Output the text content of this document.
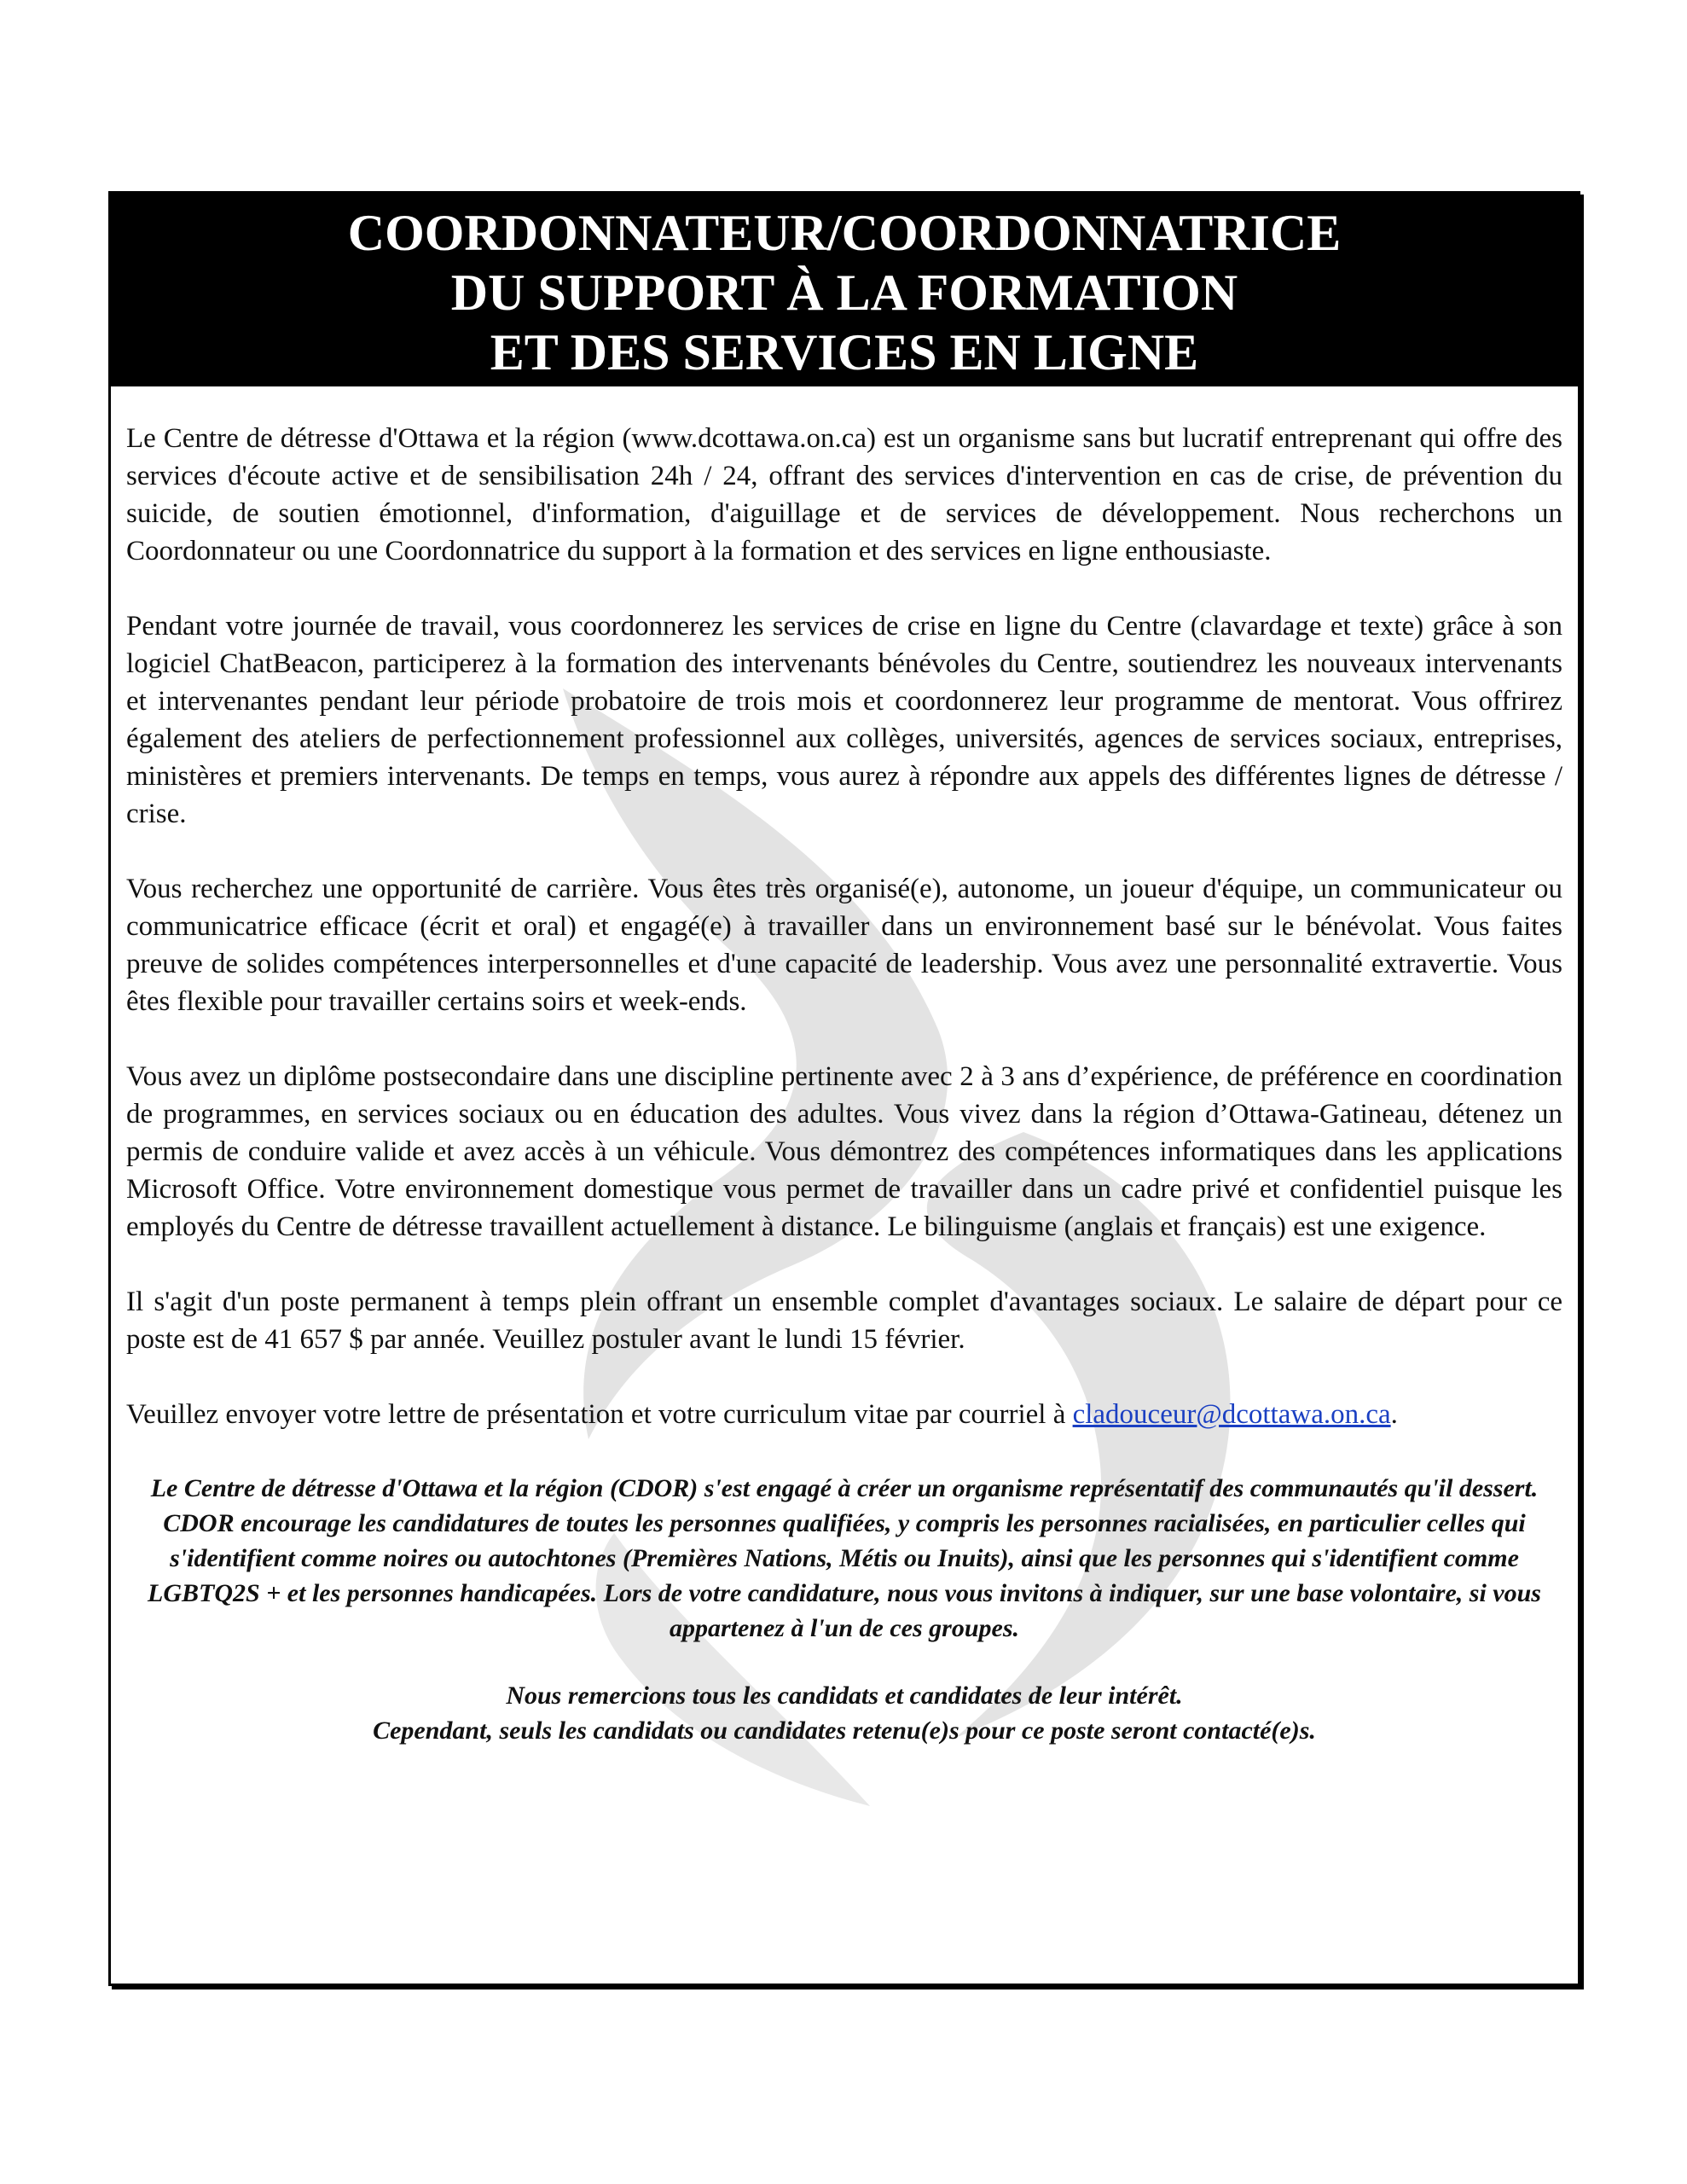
COORDONNATEUR/COORDONNATRICE
DU SUPPORT À LA FORMATION
ET DES SERVICES EN LIGNE

Le Centre de détresse d'Ottawa et la région (www.dcottawa.on.ca) est un organisme sans but lucratif entreprenant qui offre des services d'écoute active et de sensibilisation 24h / 24, offrant des services d'intervention en cas de crise, de prévention du suicide, de soutien émotionnel, d'information, d'aiguillage et de services de développement. Nous recherchons un Coordonnateur ou une Coordonnatrice du support à la formation et des services en ligne enthousiaste.

Pendant votre journée de travail, vous coordonnerez les services de crise en ligne du Centre (clavardage et texte) grâce à son logiciel ChatBeacon, participerez à la formation des intervenants bénévoles du Centre, soutiendrez les nouveaux intervenants et intervenantes pendant leur période probatoire de trois mois et coordonnerez leur programme de mentorat. Vous offrirez également des ateliers de perfectionnement professionnel aux collèges, universités, agences de services sociaux, entreprises, ministères et premiers intervenants. De temps en temps, vous aurez à répondre aux appels des différentes lignes de détresse / crise.

Vous recherchez une opportunité de carrière. Vous êtes très organisé(e), autonome, un joueur d'équipe, un communicateur ou communicatrice efficace (écrit et oral) et engagé(e) à travailler dans un environnement basé sur le bénévolat. Vous faites preuve de solides compétences interpersonnelles et d'une capacité de leadership. Vous avez une personnalité extravertie. Vous êtes flexible pour travailler certains soirs et week-ends.

Vous avez un diplôme postsecondaire dans une discipline pertinente avec 2 à 3 ans d’expérience, de préférence en coordination de programmes, en services sociaux ou en éducation des adultes. Vous vivez dans la région d’Ottawa-Gatineau, détenez un permis de conduire valide et avez accès à un véhicule. Vous démontrez des compétences informatiques dans les applications Microsoft Office. Votre environnement domestique vous permet de travailler dans un cadre privé et confidentiel puisque les employés du Centre de détresse travaillent actuellement à distance. Le bilinguisme (anglais et français) est une exigence.

Il s'agit d'un poste permanent à temps plein offrant un ensemble complet d'avantages sociaux. Le salaire de départ pour ce poste est de 41 657 $ par année. Veuillez postuler avant le lundi 15 février.

Veuillez envoyer votre lettre de présentation et votre curriculum vitae par courriel à cladouceur@dcottawa.on.ca.

Le Centre de détresse d'Ottawa et la région (CDOR) s'est engagé à créer un organisme représentatif des communautés qu'il dessert. CDOR encourage les candidatures de toutes les personnes qualifiées, y compris les personnes racialisées, en particulier celles qui s'identifient comme noires ou autochtones (Premières Nations, Métis ou Inuits), ainsi que les personnes qui s'identifient comme LGBTQ2S + et les personnes handicapées. Lors de votre candidature, nous vous invitons à indiquer, sur une base volontaire, si vous appartenez à l'un de ces groupes.

Nous remercions tous les candidats et candidates de leur intérêt.
Cependant, seuls les candidats ou candidates retenu(e)s pour ce poste seront contacté(e)s.
